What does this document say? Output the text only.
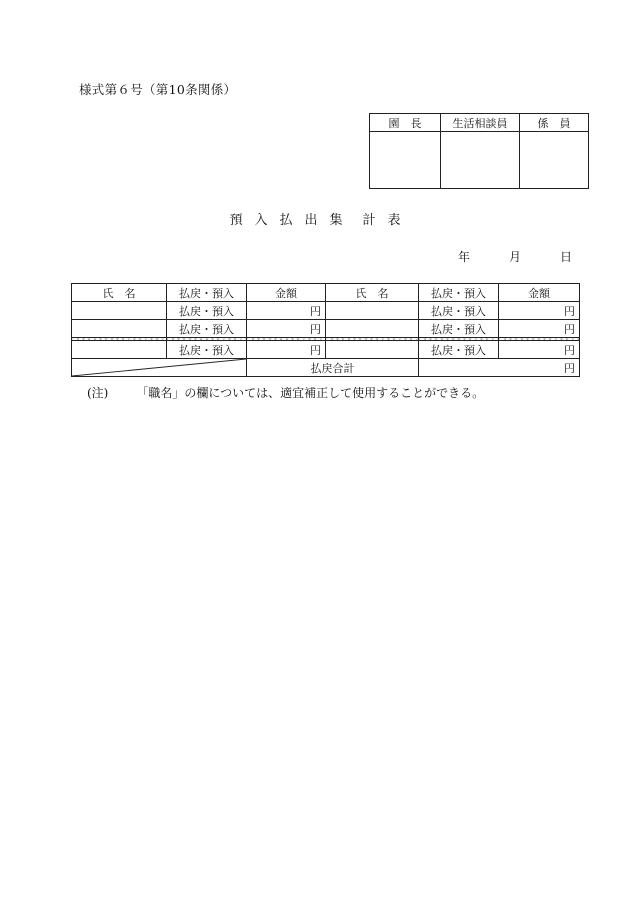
様式第６号（第10条関係）
園　長	生活相談員	係　員

預 入 払 出 集 計 表
年	月	日
氏　名	払戻・預入	金額	氏　名	払戻・預入	金額
	払戻・預入	円		払戻・預入	円
	払戻・預入	円		払戻・預入	円

	払戻・預入	円		払戻・預入	円

	払戻合計		円	
(注) 「職名」の欄については、適宜補正して使用することができる。
